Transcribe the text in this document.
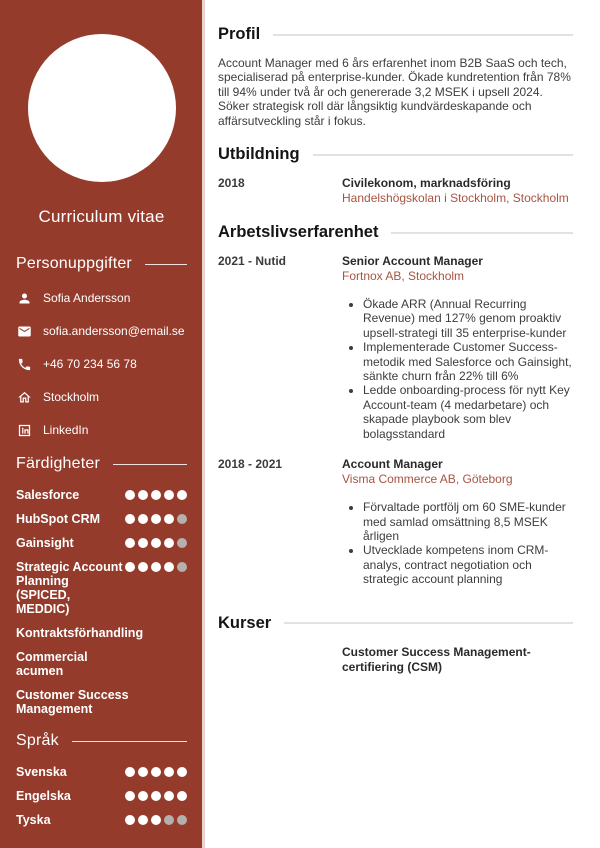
Curriculum vitae
Personuppgifter
Sofia Andersson
sofia.andersson@email.se
+46 70 234 56 78
Stockholm
LinkedIn
Färdigheter
Salesforce
HubSpot CRM
Gainsight
Strategic Account Planning (SPICED, MEDDIC)
Kontraktsförhandling
Commercial acumen
Customer Success Management
Språk
Svenska
Engelska
Tyska
Profil

Account Manager med 6 års erfarenhet inom B2B SaaS och tech, specialiserad på enterprise-kunder. Ökade kundretention från 78% till 94% under två år och genererade 3,2 MSEK i upsell 2024. Söker strategisk roll där långsiktig kundvärdeskapande och affärsutveckling står i fokus.

Utbildning
2018	Civilekonom, marknadsföring
Handelshögskolan i Stockholm, Stockholm
Arbetslivserfarenhet
2021 - Nutid	Senior Account Manager
Fortnox AB, Stockholm
• Ökade ARR (Annual Recurring Revenue) med 127% genom proaktiv upsell-strategi till 35 enterprise-kunder
• Implementerade Customer Success-metodik med Salesforce och Gainsight, sänkte churn från 22% till 6%
• Ledde onboarding-process för nytt Key Account-team (4 medarbetare) och skapade playbook som blev bolagsstandard
2018 - 2021	Account Manager
Visma Commerce AB, Göteborg
• Förvaltade portfölj om 60 SME-kunder med samlad omsättning 8,5 MSEK årligen
• Utvecklade kompetens inom CRM-analys, contract negotiation och strategic account planning
Kurser
Customer Success Management-certifiering (CSM)
